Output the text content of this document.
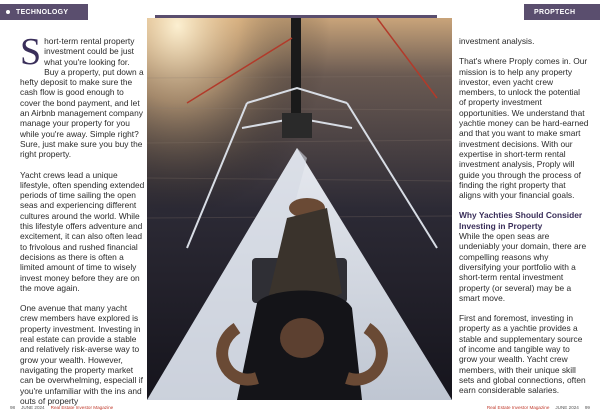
TECHNOLOGY	PROPTECH

Short-term rental property investment could be just what you're looking for. Buy a property, put down a hefty deposit to make sure the cash flow is good enough to cover the bond payment, and let an Airbnb management company manage your property for you while you're away. Simple right? Sure, just make sure you buy the right property.

Yacht crews lead a unique lifestyle, often spending extended periods of time sailing the open seas and experiencing different cultures around the world. While this lifestyle offers adventure and excitement, it can also often lead to frivolous and rushed financial decisions as there is often a limited amount of time to wisely invest money before they are on the move again.

One avenue that many yacht crew members have explored is property investment. Investing in real estate can provide a stable and relatively risk-averse way to grow your wealth. However, navigating the property market can be overwhelming, especiall if you're unfamiliar with the ins and outs of property

investment analysis.

That's where Proply comes in. Our mission is to help any property investor, even yacht crew members, to unlock the potential of property investment opportunities. We understand that yachtie money can be hard-earned and that you want to make smart investment decisions. With our expertise in short-term rental investment analysis, Proply will guide you through the process of finding the right property that aligns with your financial goals.

Why Yachties Should Consider Investing in Property

While the open seas are undeniably your domain, there are compelling reasons why diversifying your portfolio with a short-term rental investment property (or several) may be a smart move.

First and foremost, investing in property as a yachtie provides a stable and supplementary source of income and tangible way to grow your wealth. Yacht crew members, with their unique skill sets and global connections, often earn considerable salaries.

98 JUNE 2024 Real Estate Investor Magazine	Real Estate Investor Magazine JUNE 2024 99
